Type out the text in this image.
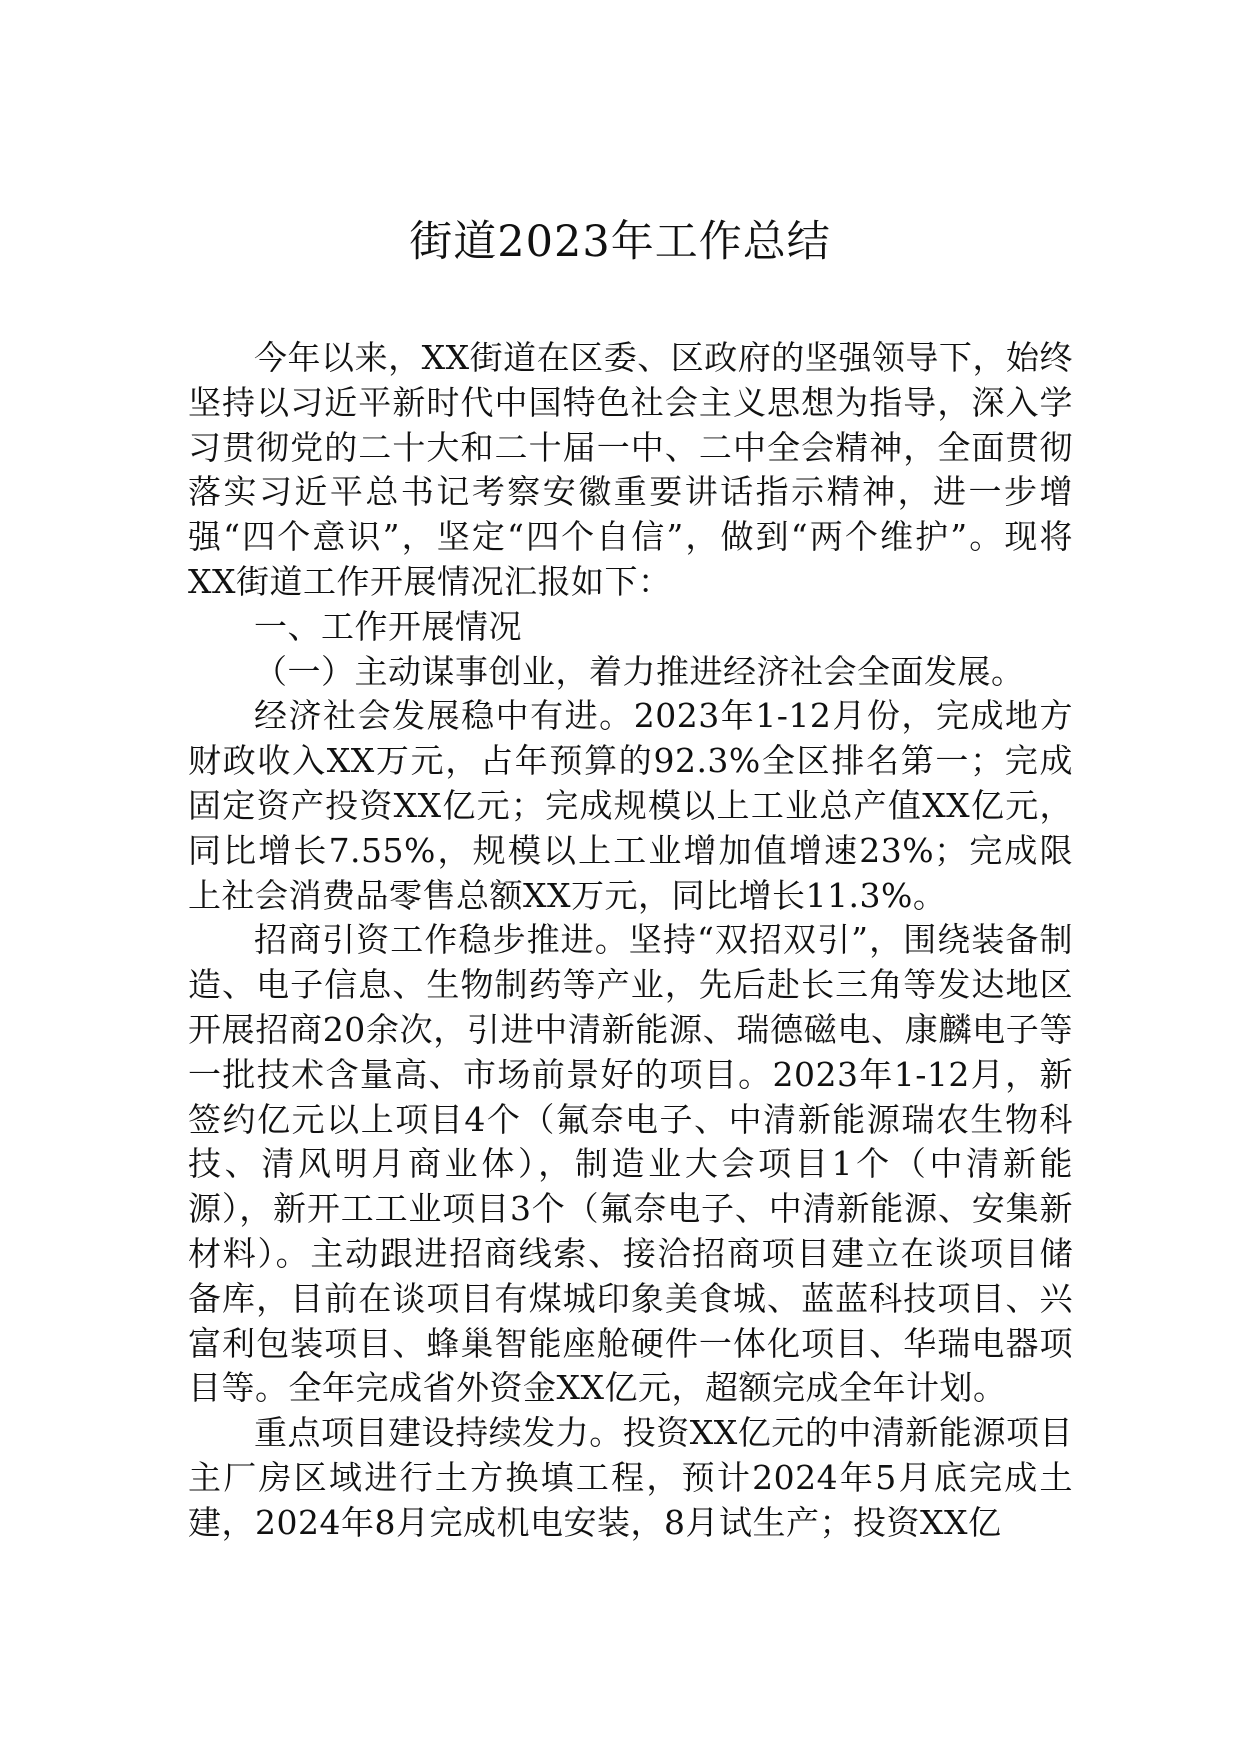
街道2023年工作总结

今年以来，XX街道在区委、区政府的坚强领导下，始终坚持以习近平新时代中国特色社会主义思想为指导，深入学习贯彻党的二十大和二十届一中、二中全会精神，全面贯彻落实习近平总书记考察安徽重要讲话指示精神，进一步增强“四个意识”，坚定“四个自信”，做到“两个维护”。现将XX街道工作开展情况汇报如下：

一、工作开展情况

（一）主动谋事创业，着力推进经济社会全面发展。

经济社会发展稳中有进。2023年1-12月份，完成地方财政收入XX万元，占年预算的92.3%全区排名第一；完成固定资产投资XX亿元；完成规模以上工业总产值XX亿元，同比增长7.55%，规模以上工业增加值增速23%；完成限上社会消费品零售总额XX万元，同比增长11.3%。

招商引资工作稳步推进。坚持“双招双引”，围绕装备制造、电子信息、生物制药等产业，先后赴长三角等发达地区开展招商20余次，引进中清新能源、瑞德磁电、康麟电子等一批技术含量高、市场前景好的项目。2023年1-12月，新签约亿元以上项目4个（氟奈电子、中清新能源瑞农生物科技、清风明月商业体），制造业大会项目1个（中清新能源），新开工工业项目3个（氟奈电子、中清新能源、安集新材料）。主动跟进招商线索、接洽招商项目建立在谈项目储备库，目前在谈项目有煤城印象美食城、蓝蓝科技项目、兴富利包装项目、蜂巢智能座舱硬件一体化项目、华瑞电器项目等。全年完成省外资金XX亿元，超额完成全年计划。

重点项目建设持续发力。投资XX亿元的中清新能源项目主厂房区域进行土方换填工程，预计2024年5月底完成土建，2024年8月完成机电安装，8月试生产；投资XX亿
